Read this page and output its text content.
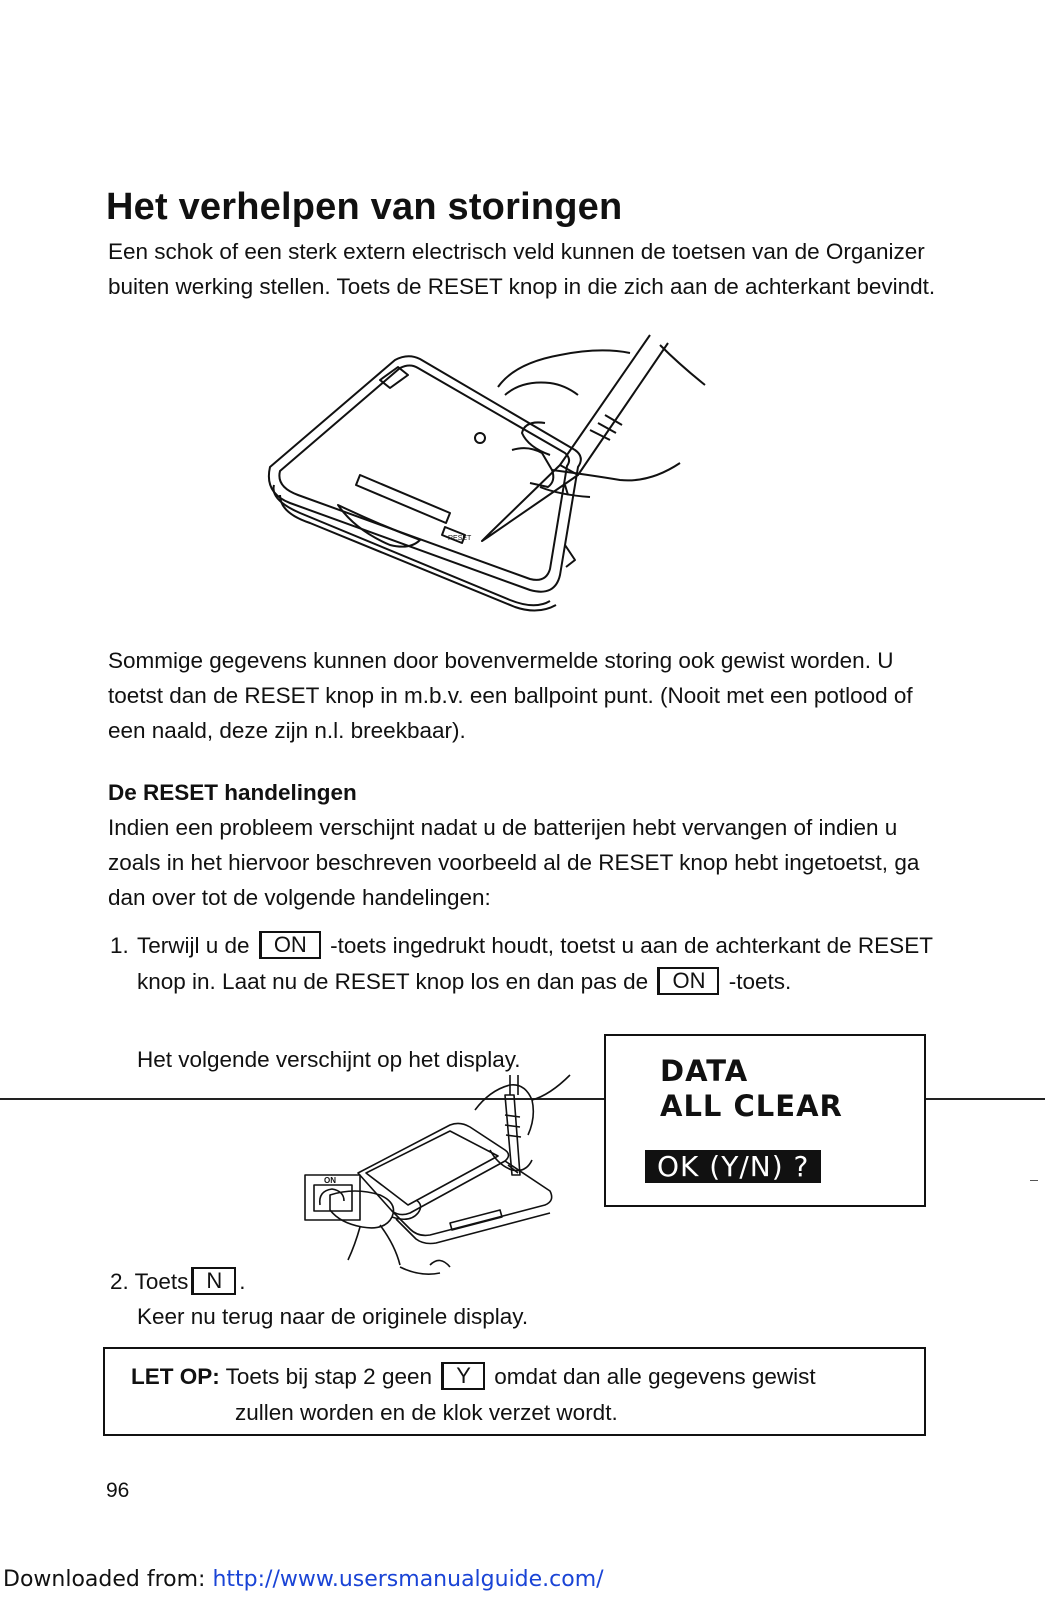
Het verhelpen van storingen

Een schok of een sterk extern electrisch veld kunnen de toetsen van de Organizer buiten werking stellen. Toets de RESET knop in die zich aan de achterkant bevindt.

RESET

Sommige gegevens kunnen door bovenvermelde storing ook gewist worden. U toetst dan de RESET knop in m.b.v. een ballpoint punt. (Nooit met een potlood of een naald, deze zijn n.l. breekbaar).

De RESET handelingen

Indien een probleem verschijnt nadat u de batterijen hebt vervangen of indien u zoals in het hiervoor beschreven voorbeeld al de RESET knop hebt ingetoetst, ga dan over tot de volgende handelingen:

1. Terwijl u de ON -toets ingedrukt houdt, toetst u aan de achterkant de RESET knop in. Laat nu de RESET knop los en dan pas de ON -toets.
Het volgende verschijnt op het display.
ON
DATA
ALL CLEAR
OK (Y/N) ?
2. Toets N .
Keer nu terug naar de originele display.
LET OP: Toets bij stap 2 geen Y omdat dan alle gegevens gewist
zullen worden en de klok verzet wordt.
96
Downloaded from: http://www.usersmanualguide.com/
